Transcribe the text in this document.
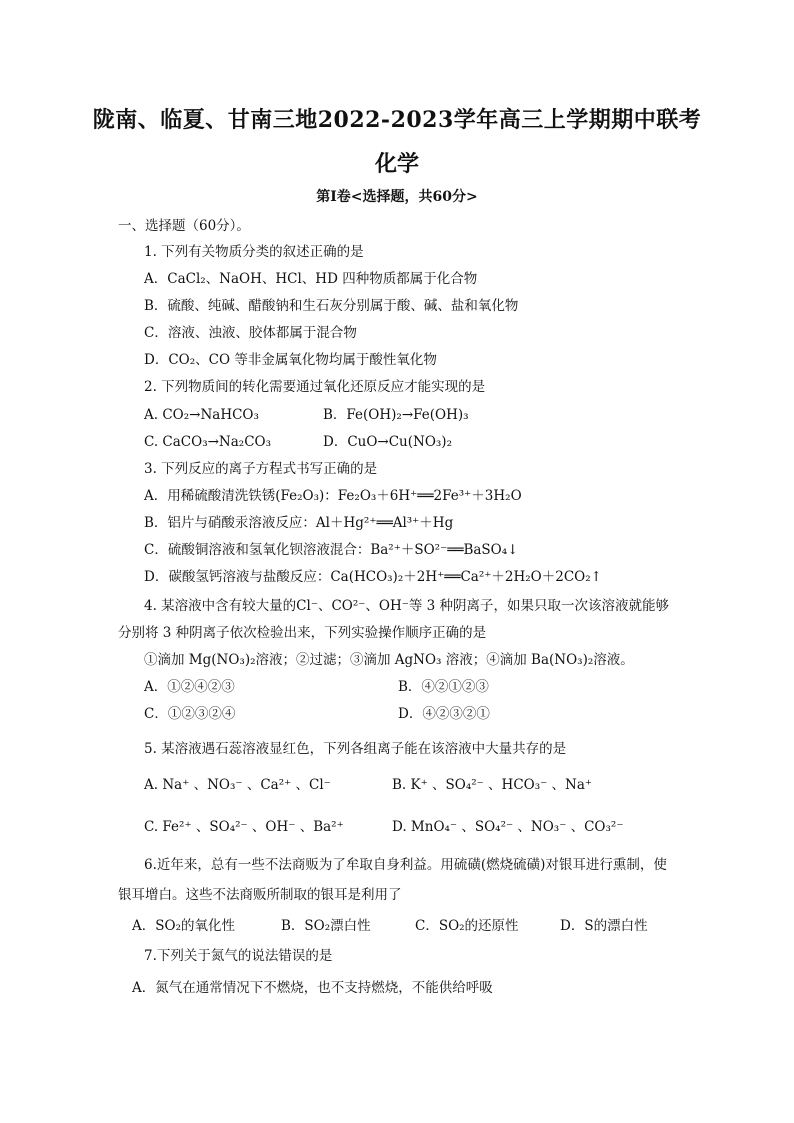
陇南、临夏、甘南三地2022-2023学年高三上学期期中联考
化学
第I卷<选择题，共60分>
一、选择题（60分）。
1. 下列有关物质分类的叙述正确的是
A．CaCl₂、NaOH、HCl、HD 四种物质都属于化合物
B．硫酸、纯碱、醋酸钠和生石灰分别属于酸、碱、盐和氧化物
C．溶液、浊液、胶体都属于混合物
D．CO₂、CO 等非金属氧化物均属于酸性氧化物
2. 下列物质间的转化需要通过氧化还原反应才能实现的是
A. CO₂→NaHCO₃	B．Fe(OH)₂→Fe(OH)₃
C. CaCO₃→Na₂CO₃	D．CuO→Cu(NO₃)₂
3. 下列反应的离子方程式书写正确的是
A．用稀硫酸清洗铁锈(Fe₂O₃)：Fe₂O₃＋6H⁺══2Fe³⁺＋3H₂O
B．铝片与硝酸汞溶液反应：Al＋Hg²⁺══Al³⁺＋Hg
C．硫酸铜溶液和氢氧化钡溶液混合：Ba²⁺＋SO²⁻══BaSO₄↓
D．碳酸氢钙溶液与盐酸反应：Ca(HCO₃)₂＋2H⁺══Ca²⁺＋2H₂O＋2CO₂↑
4. 某溶液中含有较大量的Cl⁻、CO²⁻、OH⁻等 3 种阴离子，如果只取一次该溶液就能够
分别将 3 种阴离子依次检验出来，下列实验操作顺序正确的是
①滴加 Mg(NO₃)₂溶液；②过滤；③滴加 AgNO₃ 溶液；④滴加 Ba(NO₃)₂溶液。
A．①②④②③	B．④②①②③
C．①②③②④	D．④②③②①
5. 某溶液遇石蕊溶液显红色，下列各组离子能在该溶液中大量共存的是
A. Na⁺ 、NO₃⁻ 、Ca²⁺ 、Cl⁻	B. K⁺ 、SO₄²⁻ 、HCO₃⁻ 、Na⁺
C. Fe²⁺ 、SO₄²⁻ 、OH⁻ 、Ba²⁺	D. MnO₄⁻ 、SO₄²⁻ 、NO₃⁻ 、CO₃²⁻
6.近年来，总有一些不法商贩为了牟取自身利益。用硫磺(燃烧硫磺)对银耳进行熏制，使
银耳增白。这些不法商贩所制取的银耳是利用了
A．SO₂的氧化性	B．SO₂漂白性	C．SO₂的还原性	D．S的漂白性
7.下列关于氮气的说法错误的是
A．氮气在通常情况下不燃烧，也不支持燃烧，不能供给呼吸
